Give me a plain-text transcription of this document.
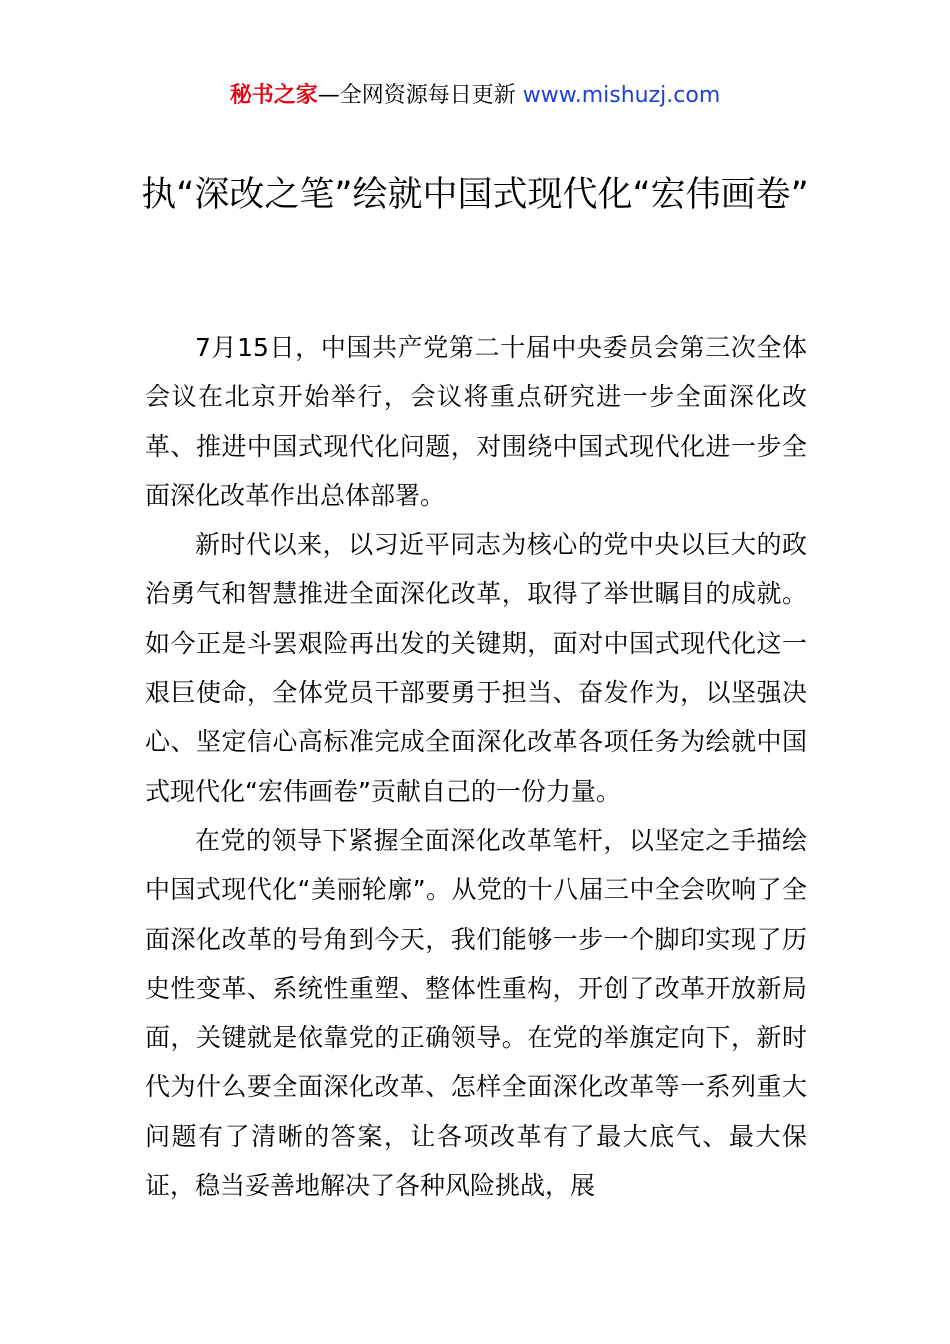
秘书之家—全网资源每日更新 www.mishuzj.com
执“深改之笔”绘就中国式现代化“宏伟画卷”

7月15日，中国共产党第二十届中央委员会第三次全体会议在北京开始举行，会议将重点研究进一步全面深化改革、推进中国式现代化问题，对围绕中国式现代化进一步全面深化改革作出总体部署。

新时代以来，以习近平同志为核心的党中央以巨大的政治勇气和智慧推进全面深化改革，取得了举世瞩目的成就。如今正是斗罢艰险再出发的关键期，面对中国式现代化这一艰巨使命，全体党员干部要勇于担当、奋发作为，以坚强决心、坚定信心高标准完成全面深化改革各项任务为绘就中国式现代化“宏伟画卷”贡献自己的一份力量。

在党的领导下紧握全面深化改革笔杆，以坚定之手描绘中国式现代化“美丽轮廓”。从党的十八届三中全会吹响了全面深化改革的号角到今天，我们能够一步一个脚印实现了历史性变革、系统性重塑、整体性重构，开创了改革开放新局面，关键就是依靠党的正确领导。在党的举旗定向下，新时代为什么要全面深化改革、怎样全面深化改革等一系列重大问题有了清晰的答案，让各项改革有了最大底气、最大保证，稳当妥善地解决了各种风险挑战，展
